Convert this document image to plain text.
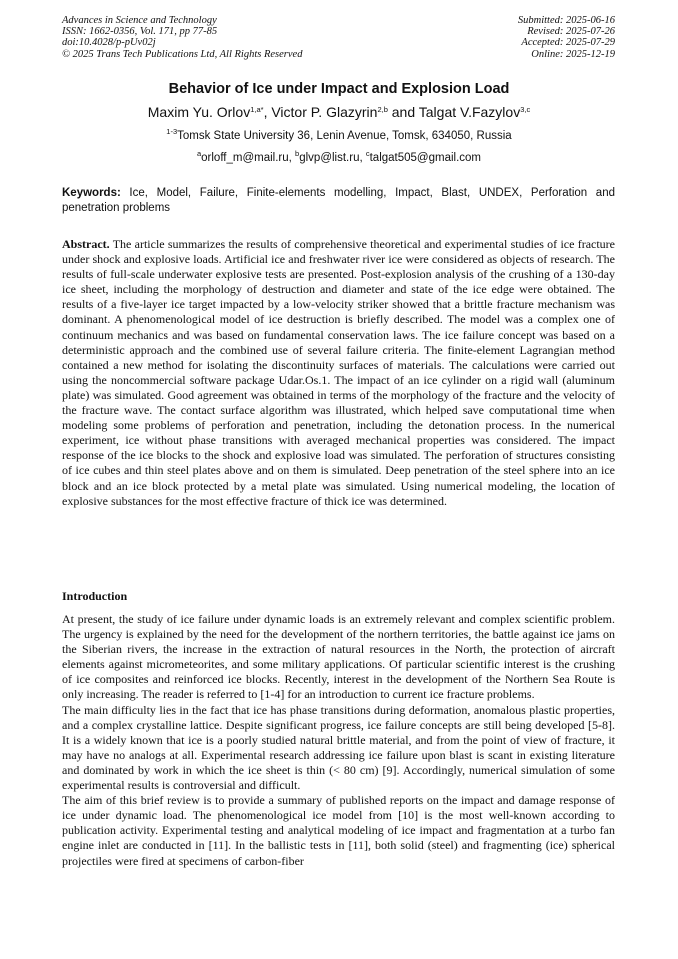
Advances in Science and Technology
ISSN: 1662-0356, Vol. 171, pp 77-85
doi:10.4028/p-pUv02j
© 2025 Trans Tech Publications Ltd, All Rights Reserved
Submitted: 2025-06-16
Revised: 2025-07-26
Accepted: 2025-07-29
Online: 2025-12-19
Behavior of Ice under Impact and Explosion Load
Maxim Yu. Orlov$^{1,a*}$, Victor P. Glazyrin$^{2,b}$ and Talgat V.Fazylov$^{3,c}$
$^{1-3}$Tomsk State University 36, Lenin Avenue, Tomsk, 634050, Russia
$^a$orloff_m@mail.ru, $^b$glvp@list.ru, $^c$talgat505@gmail.com
Keywords: Ice, Model, Failure, Finite-elements modelling, Impact, Blast, UNDEX, Perforation and penetration problems

Abstract. The article summarizes the results of comprehensive theoretical and experimental studies of ice fracture under shock and explosive loads. Artificial ice and freshwater river ice were considered as objects of research. The results of full-scale underwater explosive tests are presented. Post-explosion analysis of the crushing of a 130-day ice sheet, including the morphology of destruction and diameter and state of the ice edge were obtained. The results of a five-layer ice target impacted by a low-velocity striker showed that a brittle fracture mechanism was dominant. A phenomenological model of ice destruction is briefly described. The model was a complex one of continuum mechanics and was based on fundamental conservation laws. The ice failure concept was based on a deterministic approach and the combined use of several failure criteria. The finite-element Lagrangian method contained a new method for isolating the discontinuity surfaces of materials. The calculations were carried out using the noncommercial software package Udar.Os.1. The impact of an ice cylinder on a rigid wall (aluminum plate) was simulated. Good agreement was obtained in terms of the morphology of the fracture and the velocity of the fracture wave. The contact surface algorithm was illustrated, which helped save computational time when modeling some problems of perforation and penetration, including the detonation process. In the numerical experiment, ice without phase transitions with averaged mechanical properties was considered. The impact response of the ice blocks to the shock and explosive load was simulated. The perforation of structures consisting of ice cubes and thin steel plates above and on them is simulated. Deep penetration of the steel sphere into an ice block and an ice block protected by a metal plate was simulated. Using numerical modeling, the location of explosive substances for the most effective fracture of thick ice was determined.

Introduction

At present, the study of ice failure under dynamic loads is an extremely relevant and complex scientific problem. The urgency is explained by the need for the development of the northern territories, the battle against ice jams on the Siberian rivers, the increase in the extraction of natural resources in the North, the protection of aircraft elements against micrometeorites, and some military applications. Of particular scientific interest is the crushing of ice composites and reinforced ice blocks. Recently, interest in the development of the Northern Sea Route is only increasing. The reader is referred to [1-4] for an introduction to current ice fracture problems.

The main difficulty lies in the fact that ice has phase transitions during deformation, anomalous plastic properties, and a complex crystalline lattice. Despite significant progress, ice failure concepts are still being developed [5-8]. It is a widely known that ice is a poorly studied natural brittle material, and from the point of view of fracture, it may have no analogs at all. Experimental research addressing ice failure upon blast is scant in existing literature and dominated by work in which the ice sheet is thin (< 80 cm) [9]. Accordingly, numerical simulation of some experimental results is controversial and difficult.

The aim of this brief review is to provide a summary of published reports on the impact and damage response of ice under dynamic load. The phenomenological ice model from [10] is the most well-known according to publication activity. Experimental testing and analytical modeling of ice impact and fragmentation at a turbo fan engine inlet are conducted in [11]. In the ballistic tests in [11], both solid (steel) and fragmenting (ice) spherical projectiles were fired at specimens of carbon-fiber
